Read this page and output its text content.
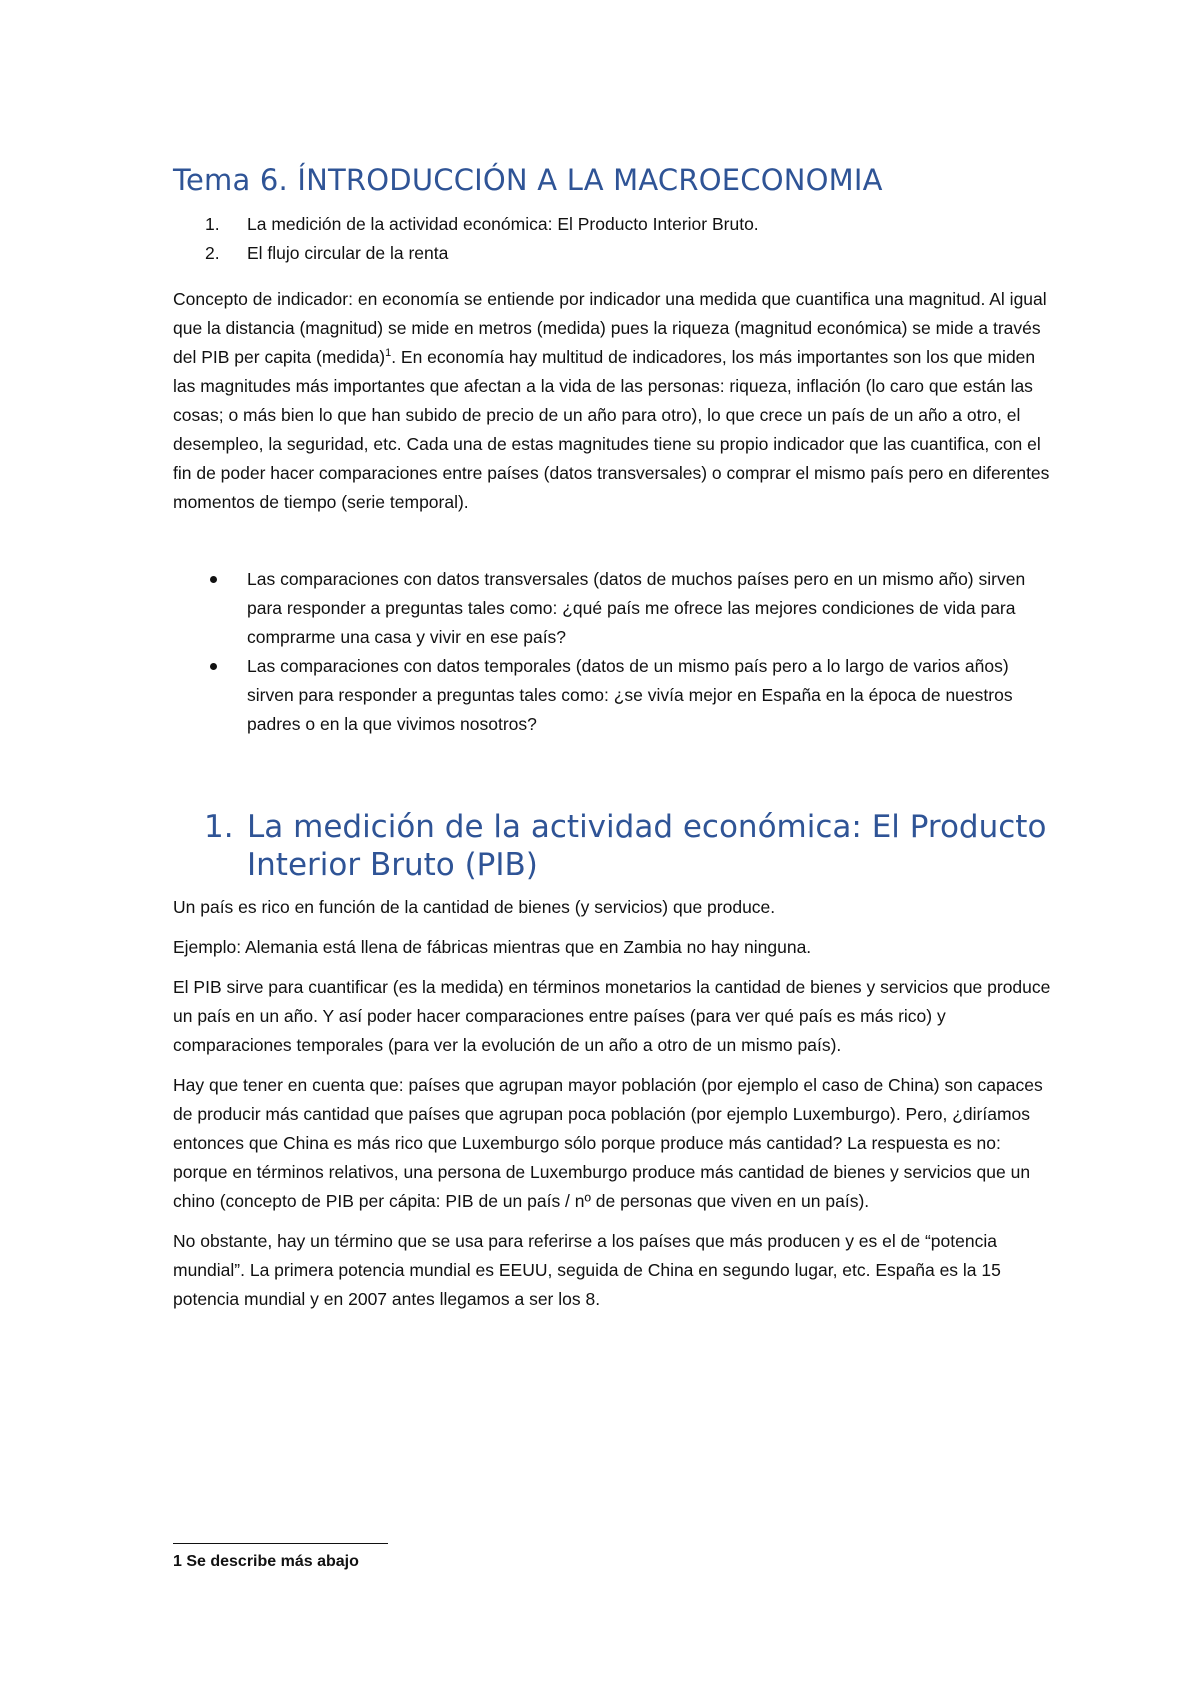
Tema 6. ÍNTRODUCCIÓN A LA MACROECONOMIA
1. La medición de la actividad económica: El Producto Interior Bruto.
2. El flujo circular de la renta

Concepto de indicador: en economía se entiende por indicador una medida que cuantifica una magnitud. Al igual que la distancia (magnitud) se mide en metros (medida) pues la riqueza (magnitud económica) se mide a través del PIB per capita (medida)$^1$. En economía hay multitud de indicadores, los más importantes son los que miden las magnitudes más importantes que afectan a la vida de las personas: riqueza, inflación (lo caro que están las cosas; o más bien lo que han subido de precio de un año para otro), lo que crece un país de un año a otro, el desempleo, la seguridad, etc. Cada una de estas magnitudes tiene su propio indicador que las cuantifica, con el fin de poder hacer comparaciones entre países (datos transversales) o comprar el mismo país pero en diferentes momentos de tiempo (serie temporal).

Las comparaciones con datos transversales (datos de muchos países pero en un mismo año) sirven para responder a preguntas tales como: ¿qué país me ofrece las mejores condiciones de vida para comprarme una casa y vivir en ese país?
Las comparaciones con datos temporales (datos de un mismo país pero a lo largo de varios años) sirven para responder a preguntas tales como: ¿se vivía mejor en España en la época de nuestros padres o en la que vivimos nosotros?
1. La medición de la actividad económica: El Producto Interior Bruto (PIB)

Un país es rico en función de la cantidad de bienes (y servicios) que produce.

Ejemplo: Alemania está llena de fábricas mientras que en Zambia no hay ninguna.

El PIB sirve para cuantificar (es la medida) en términos monetarios la cantidad de bienes y servicios que produce un país en un año. Y así poder hacer comparaciones entre países (para ver qué país es más rico) y comparaciones temporales (para ver la evolución de un año a otro de un mismo país).

Hay que tener en cuenta que: países que agrupan mayor población (por ejemplo el caso de China) son capaces de producir más cantidad que países que agrupan poca población (por ejemplo Luxemburgo). Pero, ¿diríamos entonces que China es más rico que Luxemburgo sólo porque produce más cantidad? La respuesta es no: porque en términos relativos, una persona de Luxemburgo produce más cantidad de bienes y servicios que un chino (concepto de PIB per cápita: PIB de un país / nº de personas que viven en un país).

No obstante, hay un término que se usa para referirse a los países que más producen y es el de “potencia mundial”. La primera potencia mundial es EEUU, seguida de China en segundo lugar, etc. España es la 15 potencia mundial y en 2007 antes llegamos a ser los 8.

1 Se describe más abajo
